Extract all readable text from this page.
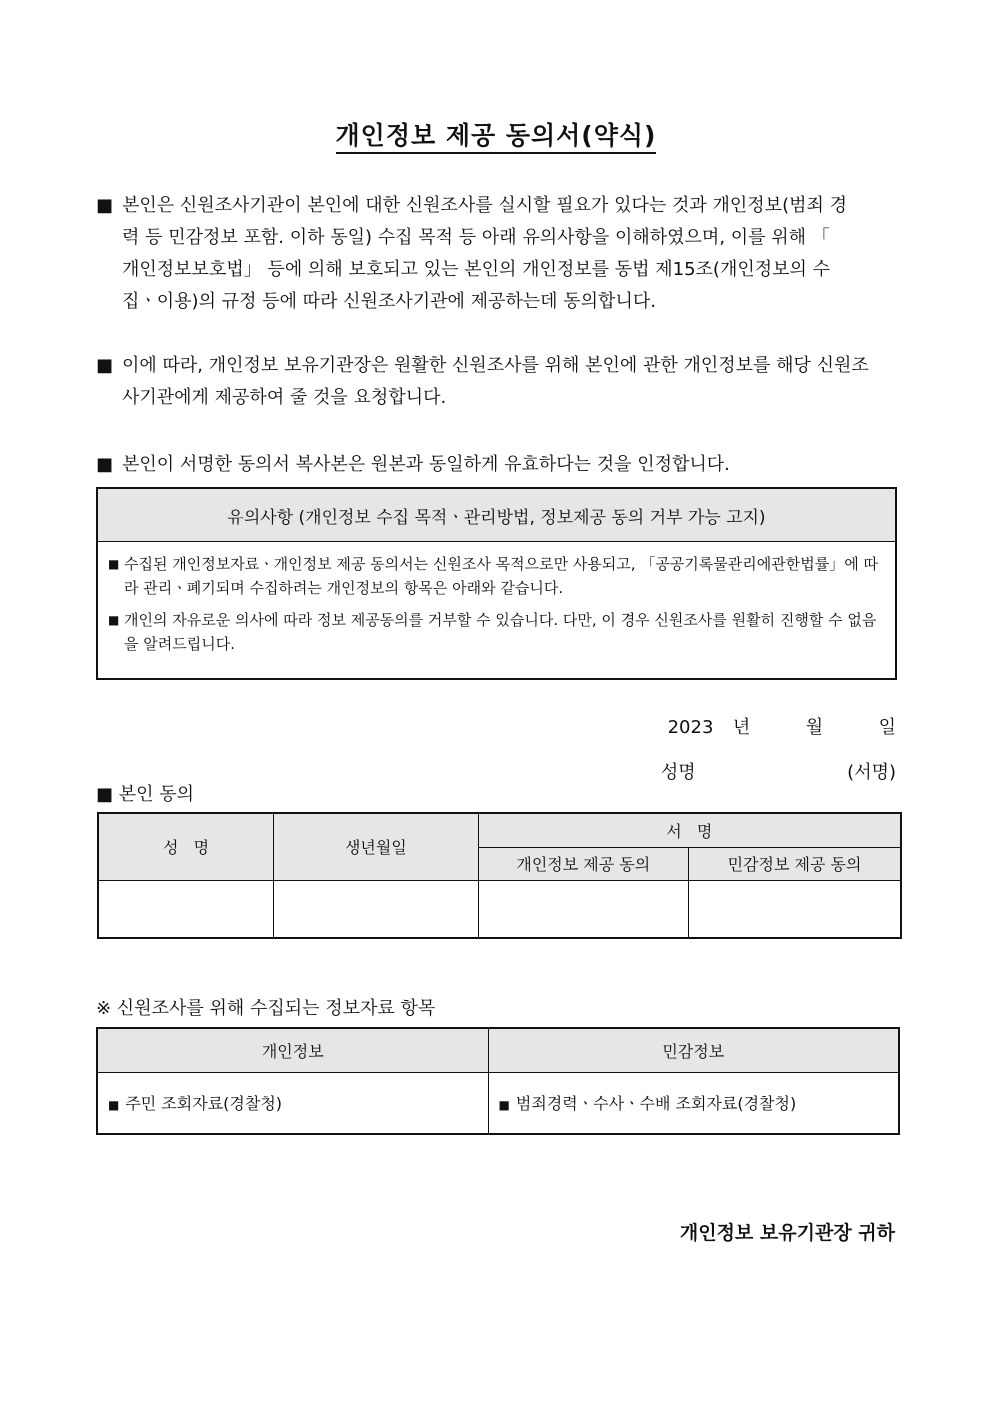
개인정보 제공 동의서(약식)
■ 본인은 신원조사기관이 본인에 대한 신원조사를 실시할 필요가 있다는 것과 개인정보(범죄 경
력 등 민감정보 포함. 이하 동일) 수집 목적 등 아래 유의사항을 이해하였으며, 이를 위해 「
개인정보보호법」 등에 의해 보호되고 있는 본인의 개인정보를 동법 제15조(개인정보의 수
집ㆍ이용)의 규정 등에 따라 신원조사기관에 제공하는데 동의합니다.
■ 이에 따라, 개인정보 보유기관장은 원활한 신원조사를 위해 본인에 관한 개인정보를 해당 신원조
사기관에게 제공하여 줄 것을 요청합니다.
■ 본인이 서명한 동의서 복사본은 원본과 동일하게 유효하다는 것을 인정합니다.
유의사항 (개인정보 수집 목적ㆍ관리방법, 정보제공 동의 거부 가능 고지)
■ 수집된 개인정보자료ㆍ개인정보 제공 동의서는 신원조사 목적으로만 사용되고, 「공공기록물관리에관한법률」에 따라 관리ㆍ폐기되며 수집하려는 개인정보의 항목은 아래와 같습니다.
■ 개인의 자유로운 의사에 따라 정보 제공동의를 거부할 수 있습니다. 다만, 이 경우 신원조사를 원활히 진행할 수 없음을 알려드립니다.
2023 년	월	일
성명	(서명)
■ 본인 동의
성   명	생년월일	서   명	
		개인정보 제공 동의	민감정보 제공 동의

※ 신원조사를 위해 수집되는 정보자료 항목
개인정보	민감정보
■ 주민 조회자료(경찰청)	■ 범죄경력ㆍ수사ㆍ수배 조회자료(경찰청)
개인정보 보유기관장 귀하
